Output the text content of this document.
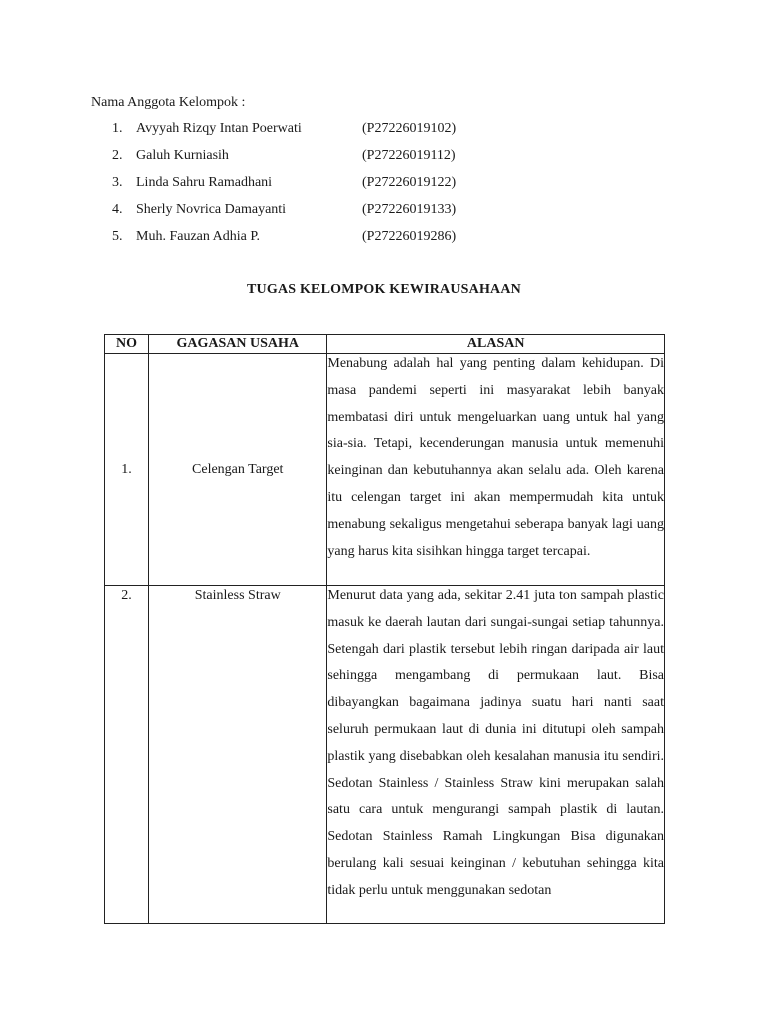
Nama Anggota Kelompok :
1. Avyyah Rizqy Intan Poerwati	(P27226019102)
2. Galuh Kurniasih	(P27226019112)
3. Linda Sahru Ramadhani	(P27226019122)
4. Sherly Novrica Damayanti	(P27226019133)
5. Muh. Fauzan Adhia P.	(P27226019286)
TUGAS KELOMPOK KEWIRAUSAHAAN
NO	GAGASAN USAHA	ALASAN
1.	Celengan Target	Menabung adalah hal yang penting dalam kehidupan. Di masa pandemi seperti ini masyarakat lebih banyak membatasi diri untuk mengeluarkan uang untuk hal yang sia-sia. Tetapi, kecenderungan manusia untuk memenuhi keinginan dan kebutuhannya akan selalu ada. Oleh karena itu celengan target ini akan mempermudah kita untuk menabung sekaligus mengetahui seberapa banyak lagi uang yang harus kita sisihkan hingga target tercapai.

2.	Stainless Straw	Menurut data yang ada, sekitar 2.41 juta ton sampah plastic masuk ke daerah lautan dari sungai-sungai setiap tahunnya. Setengah dari plastik tersebut lebih ringan daripada air laut sehingga mengambang di permukaan laut. Bisa dibayangkan bagaimana jadinya suatu hari nanti saat seluruh permukaan laut di dunia ini ditutupi oleh sampah plastik yang disebabkan oleh kesalahan manusia itu sendiri. Sedotan Stainless / Stainless Straw kini merupakan salah satu cara untuk mengurangi sampah plastik di lautan. Sedotan Stainless Ramah Lingkungan Bisa digunakan berulang kali sesuai keinginan / kebutuhan sehingga kita tidak perlu untuk menggunakan sedotan
